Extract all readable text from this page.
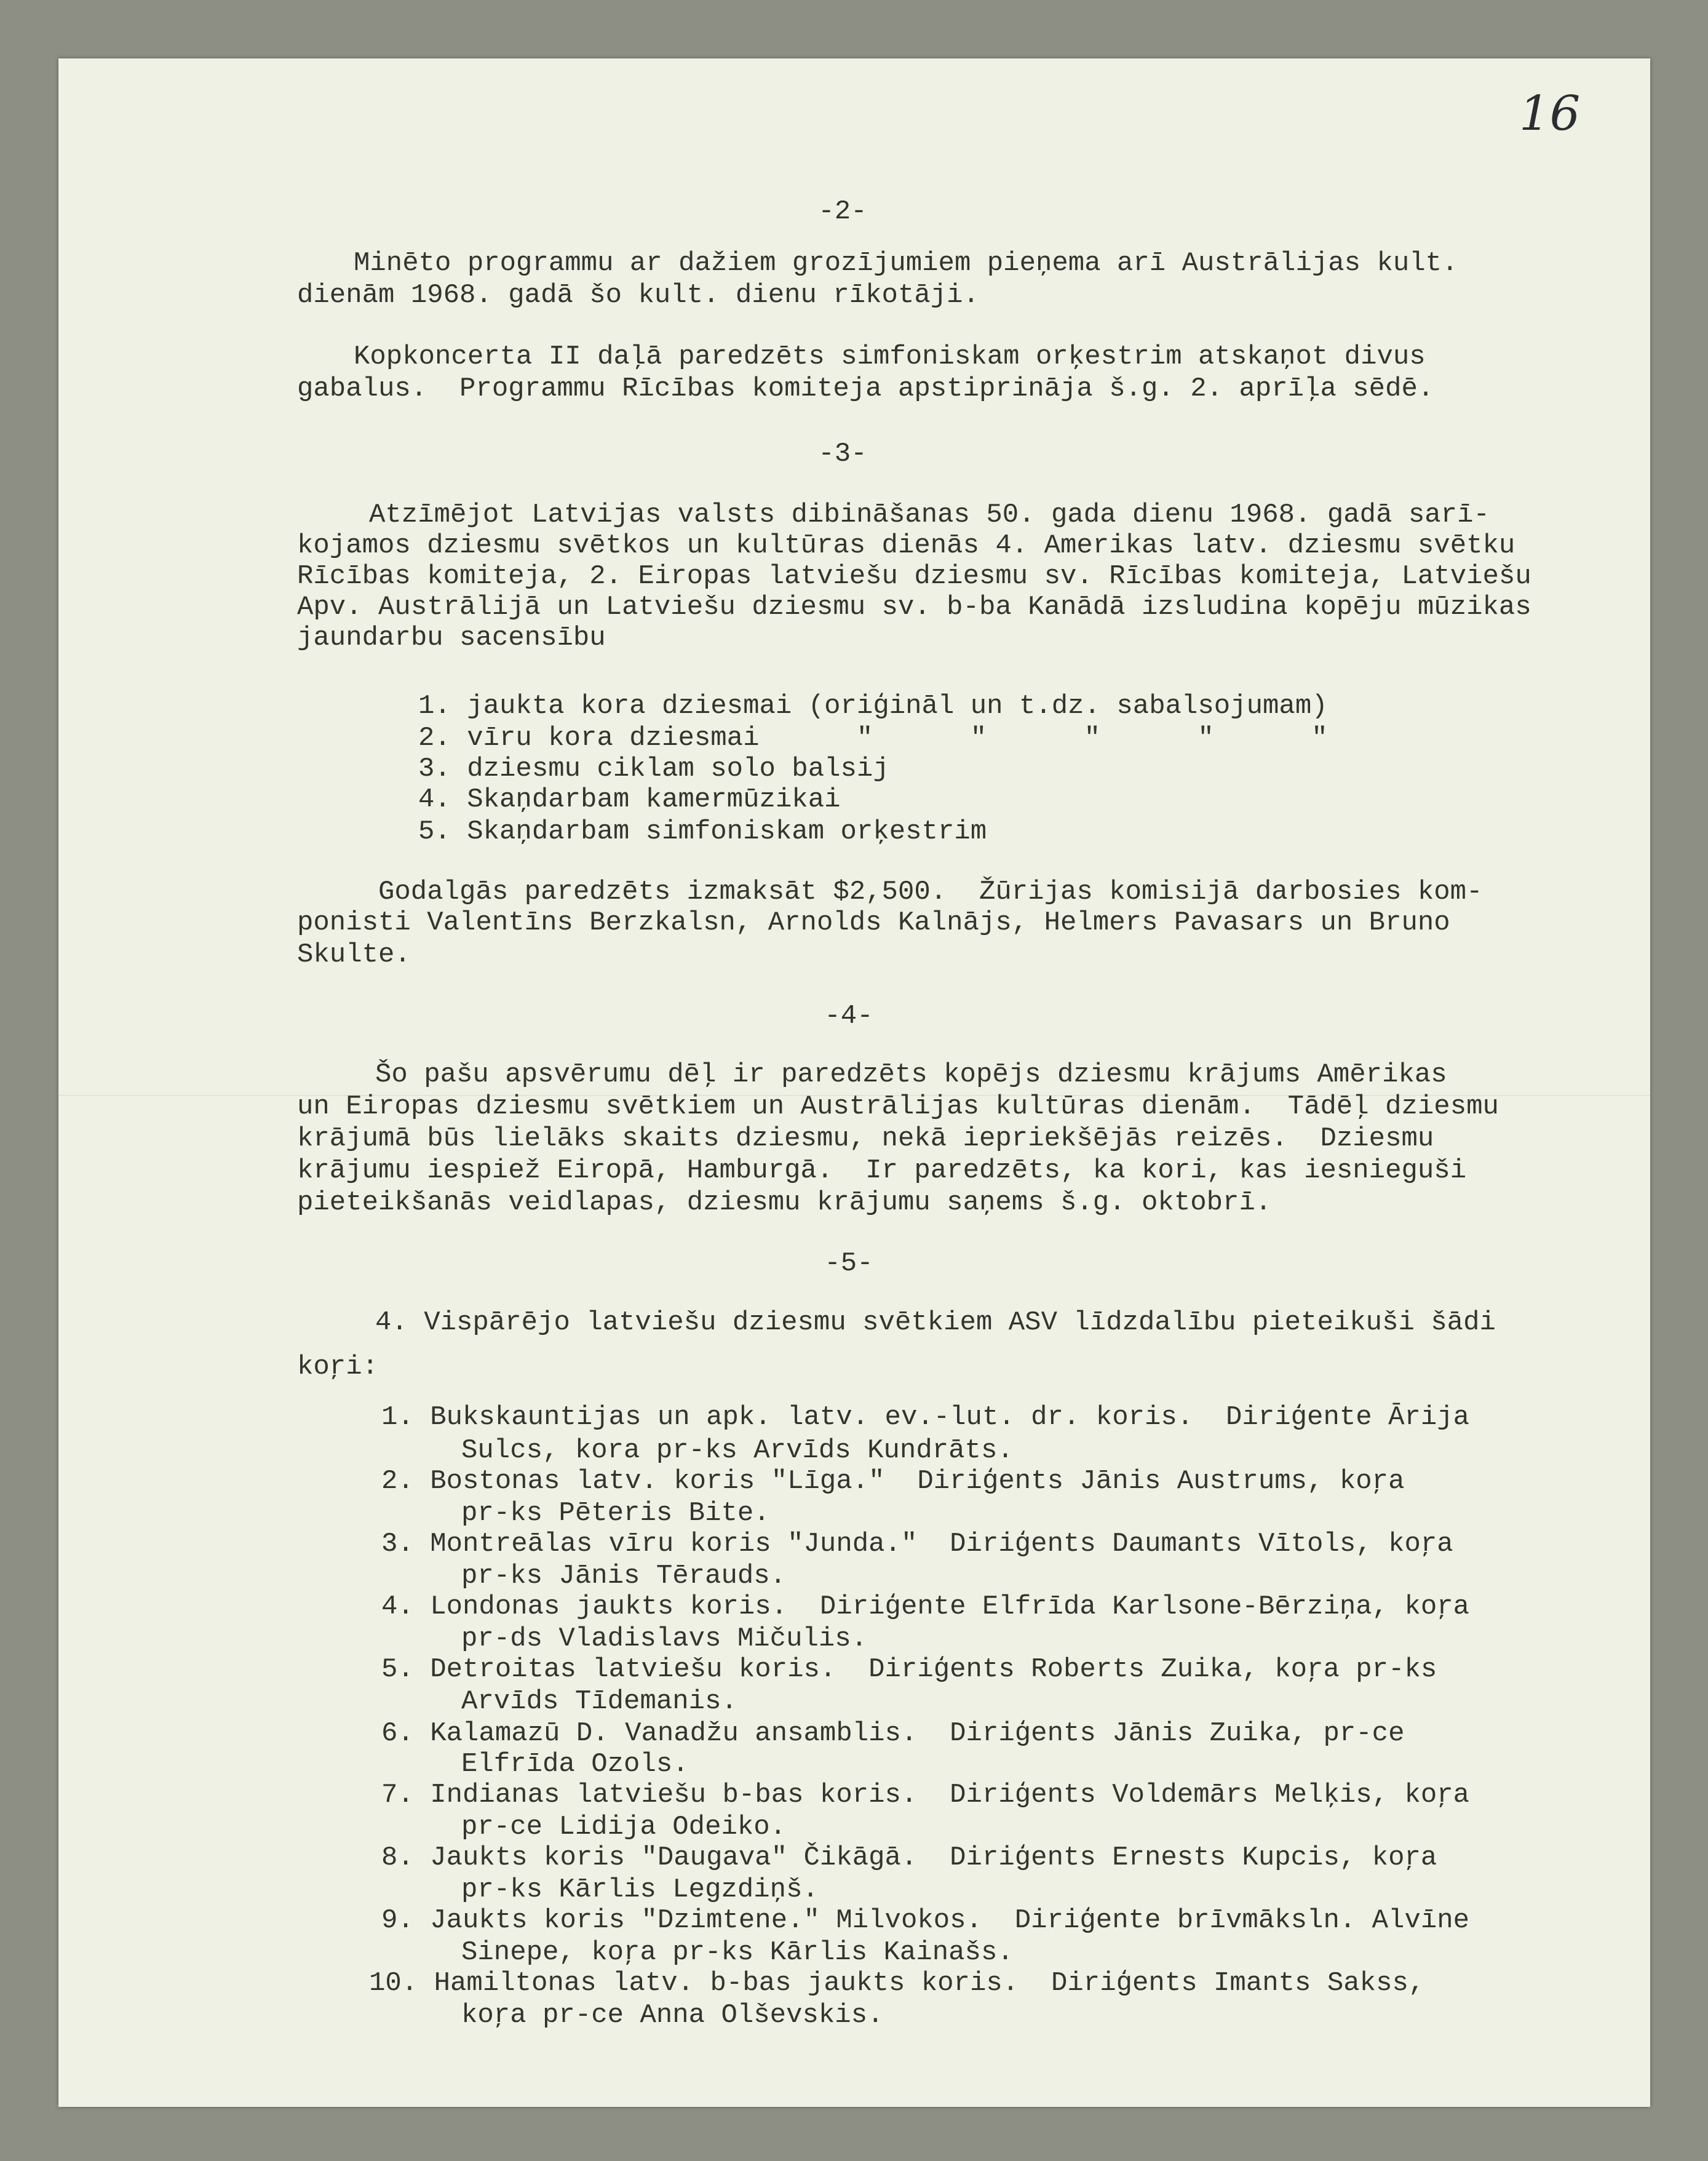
16
-2-
Minēto programmu ar dažiem grozījumiem pieņema arī Austrālijas kult.
dienām 1968. gadā šo kult. dienu rīkotāji.
Kopkoncerta II daļā paredzēts simfoniskam orķestrim atskaņot divus
gabalus.  Programmu Rīcības komiteja apstiprināja š.g. 2. aprīļa sēdē.
-3-
Atzīmējot Latvijas valsts dibināšanas 50. gada dienu 1968. gadā sarī-
kojamos dziesmu svētkos un kultūras dienās 4. Amerikas latv. dziesmu svētku
Rīcības komiteja, 2. Eiropas latviešu dziesmu sv. Rīcības komiteja, Latviešu
Apv. Austrālijā un Latviešu dziesmu sv. b-ba Kanādā izsludina kopēju mūzikas
jaundarbu sacensību
1. jaukta kora dziesmai (oriģināl un t.dz. sabalsojumam)
2. vīru kora dziesmai      "      "      "      "      "
3. dziesmu ciklam solo balsij
4. Skaņdarbam kamermūzikai
5. Skaņdarbam simfoniskam orķestrim
Godalgās paredzēts izmaksāt $2,500.  Žūrijas komisijā darbosies kom-
ponisti Valentīns Berzkalsn, Arnolds Kalnājs, Helmers Pavasars un Bruno
Skulte.
-4-
Šo pašu apsvērumu dēļ ir paredzēts kopējs dziesmu krājums Amērikas
un Eiropas dziesmu svētkiem un Austrālijas kultūras dienām.  Tādēļ dziesmu
krājumā būs lielāks skaits dziesmu, nekā iepriekšējās reizēs.  Dziesmu
krājumu iespiež Eiropā, Hamburgā.  Ir paredzēts, ka kori, kas iesnieguši
pieteikšanās veidlapas, dziesmu krājumu saņems š.g. oktobrī.
-5-
4. Vispārējo latviešu dziesmu svētkiem ASV līdzdalību pieteikuši šādi
koŗi:
1. Bukskauntijas un apk. latv. ev.-lut. dr. koris.  Diriģente Ārija
Sulcs, kora pr-ks Arvīds Kundrāts.
2. Bostonas latv. koris "Līga."  Diriģents Jānis Austrums, koŗa
pr-ks Pēteris Bite.
3. Montreālas vīru koris "Junda."  Diriģents Daumants Vītols, koŗa
pr-ks Jānis Tērauds.
4. Londonas jaukts koris.  Diriģente Elfrīda Karlsone-Bērziņa, koŗa
pr-ds Vladislavs Mičulis.
5. Detroitas latviešu koris.  Diriģents Roberts Zuika, koŗa pr-ks
Arvīds Tīdemanis.
6. Kalamazū D. Vanadžu ansamblis.  Diriģents Jānis Zuika, pr-ce
Elfrīda Ozols.
7. Indianas latviešu b-bas koris.  Diriģents Voldemārs Melķis, koŗa
pr-ce Lidija Odeiko.
8. Jaukts koris "Daugava" Čikāgā.  Diriģents Ernests Kupcis, koŗa
pr-ks Kārlis Legzdiņš.
9. Jaukts koris "Dzimtene." Milvokos.  Diriģente brīvmāksln. Alvīne
Sinepe, koŗa pr-ks Kārlis Kainašs.
10. Hamiltonas latv. b-bas jaukts koris.  Diriģents Imants Sakss,
koŗa pr-ce Anna Olševskis.
